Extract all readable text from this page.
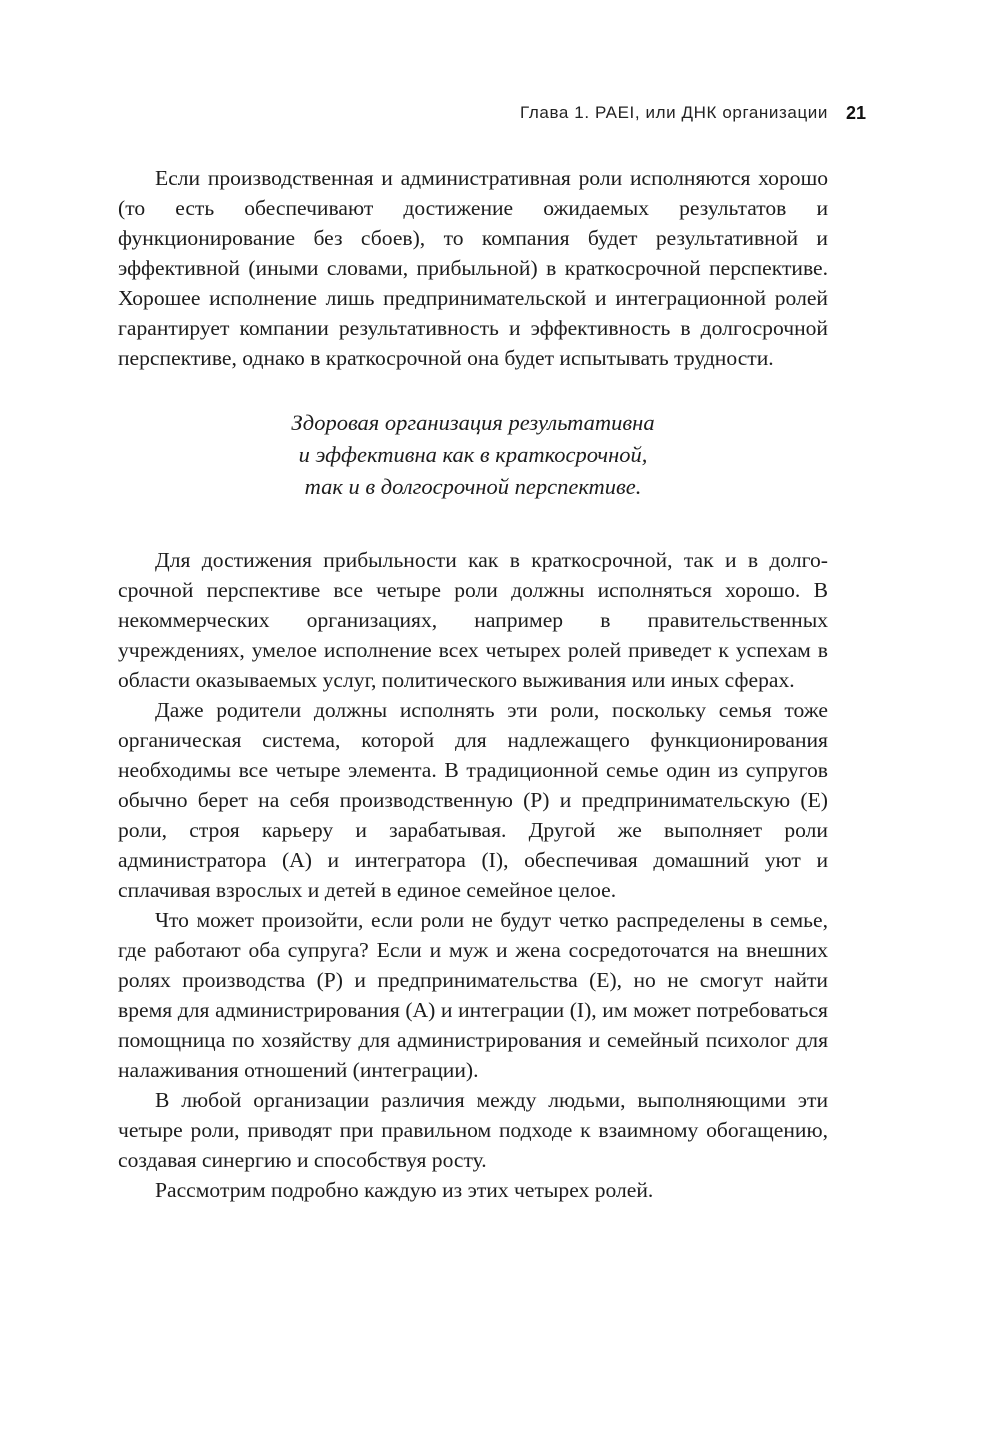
Глава 1. PAEI, или ДНК организации 21

Если производственная и административная роли исполняются хорошо (то есть обеспечивают достижение ожидаемых результатов и функционирование без сбоев), то компания будет результативной и эффективной (иными словами, прибыльной) в краткосрочной перспективе. Хорошее исполнение лишь предпринимательской и интеграционной ролей гарантирует компании результативность и эффективность в долгосрочной перспективе, однако в краткосрочной она будет испытывать трудности.

Здоровая организация результативна
и эффективна как в краткосрочной,
так и в долгосрочной перспективе.

Для достижения прибыльности как в краткосрочной, так и в долгосрочной перспективе все четыре роли должны исполняться хорошо. В некоммерческих организациях, например в правительственных учреждениях, умелое исполнение всех четырех ролей приведет к успехам в области оказываемых услуг, политического выживания или иных сферах.

Даже родители должны исполнять эти роли, поскольку семья тоже органическая система, которой для надлежащего функционирования необходимы все четыре элемента. В традиционной семье один из супругов обычно берет на себя производственную (P) и предпринимательскую (E) роли, строя карьеру и зарабатывая. Другой же выполняет роли администратора (A) и интегратора (I), обеспечивая домашний уют и сплачивая взрослых и детей в единое семейное целое.

Что может произойти, если роли не будут четко распределены в семье, где работают оба супруга? Если и муж и жена сосредоточатся на внешних ролях производства (P) и предпринимательства (E), но не смогут найти время для администрирования (A) и интеграции (I), им может потребоваться помощница по хозяйству для администрирования и семейный психолог для налаживания отношений (интеграции).

В любой организации различия между людьми, выполняющими эти четыре роли, приводят при правильном подходе к взаимному обогащению, создавая синергию и способствуя росту.

Рассмотрим подробно каждую из этих четырех ролей.
